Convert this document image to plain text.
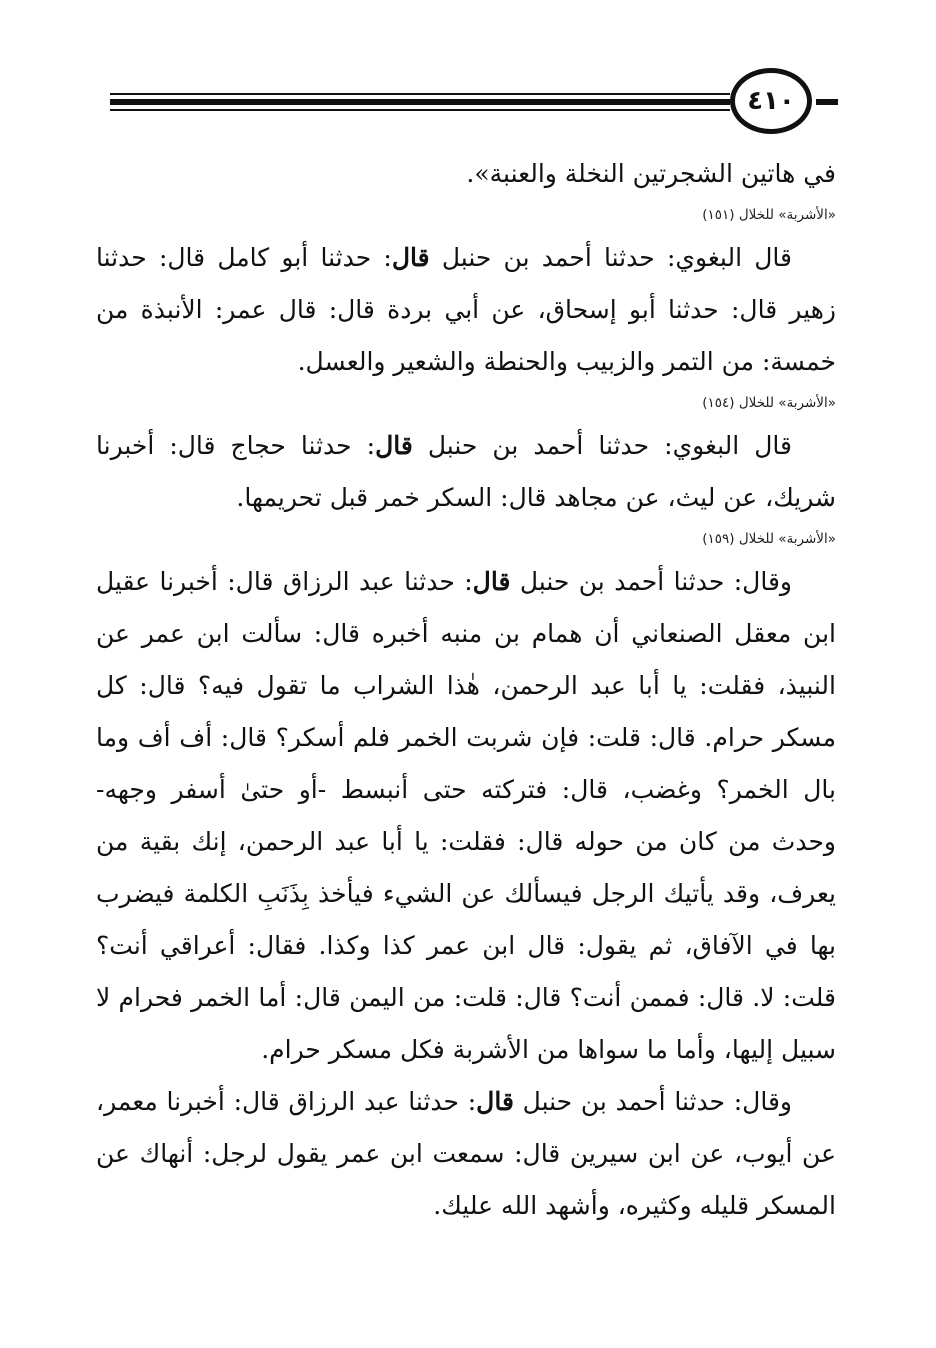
٤١٠

في هاتين الشجرتين النخلة والعنبة».

«الأشربة» للخلال (١٥١)

قال البغوي: حدثنا أحمد بن حنبل قال: حدثنا أبو كامل قال: حدثنا زهير قال: حدثنا أبو إسحاق، عن أبي بردة قال: قال عمر: الأنبذة من خمسة: من التمر والزبيب والحنطة والشعير والعسل.

«الأشربة» للخلال (١٥٤)

قال البغوي: حدثنا أحمد بن حنبل قال: حدثنا حجاج قال: أخبرنا شريك، عن ليث، عن مجاهد قال: السكر خمر قبل تحريمها.

«الأشربة» للخلال (١٥٩)

وقال: حدثنا أحمد بن حنبل قال: حدثنا عبد الرزاق قال: أخبرنا عقيل ابن معقل الصنعاني أن همام بن منبه أخبره قال: سألت ابن عمر عن النبيذ، فقلت: يا أبا عبد الرحمن، هٰذا الشراب ما تقول فيه؟ قال: كل مسكر حرام. قال: قلت: فإن شربت الخمر فلم أسكر؟ قال: أف أف وما بال الخمر؟ وغضب، قال: فتركته حتى أنبسط -أو حتىٰ أسفر وجهه- وحدث من كان من حوله قال: فقلت: يا أبا عبد الرحمن، إنك بقية من يعرف، وقد يأتيك الرجل فيسألك عن الشيء فيأخذ بِذَنَبِ الكلمة فيضرب بها في الآفاق، ثم يقول: قال ابن عمر كذا وكذا. فقال: أعراقي أنت؟ قلت: لا. قال: فممن أنت؟ قال: قلت: من اليمن قال: أما الخمر فحرام لا سبيل إليها، وأما ما سواها من الأشربة فكل مسكر حرام.

وقال: حدثنا أحمد بن حنبل قال: حدثنا عبد الرزاق قال: أخبرنا معمر، عن أيوب، عن ابن سيرين قال: سمعت ابن عمر يقول لرجل: أنهاك عن المسكر قليله وكثيره، وأشهد الله عليك.
